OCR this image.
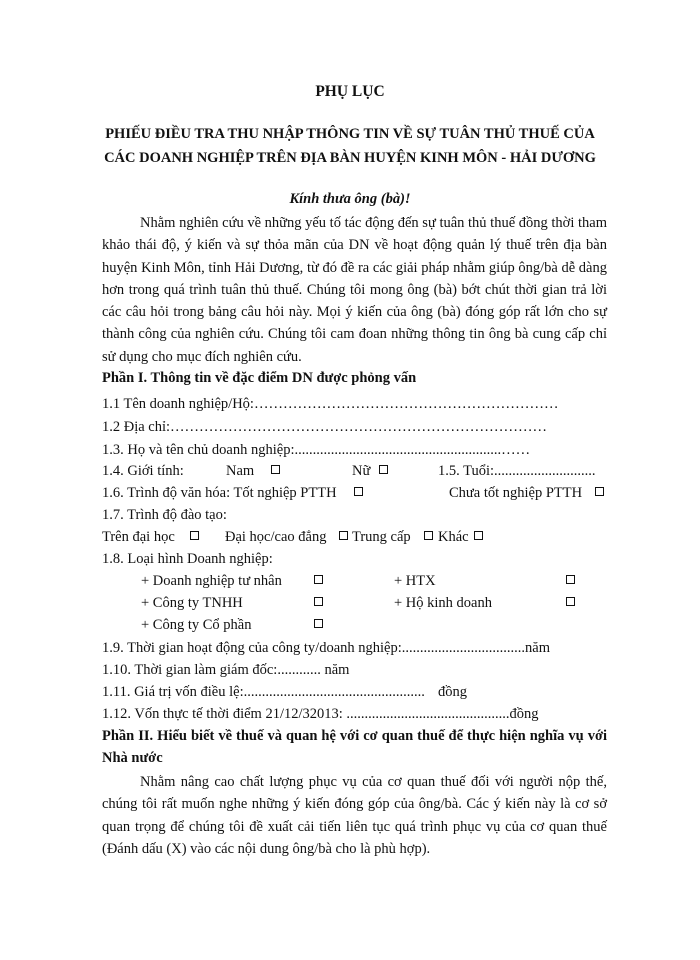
PHỤ LỤC
PHIẾU ĐIỀU TRA THU NHẬP THÔNG TIN VỀ SỰ TUÂN THỦ THUẾ CỦA
CÁC DOANH NGHIỆP TRÊN ĐỊA BÀN HUYỆN KINH MÔN - HẢI DƯƠNG
Kính thưa ông (bà)!

Nhằm nghiên cứu về những yếu tố tác động đến sự tuân thủ thuế đồng thời tham khảo thái độ, ý kiến và sự thỏa mãn của DN về hoạt động quản lý thuế trên địa bàn huyện Kinh Môn, tỉnh Hải Dương, từ đó đề ra các giải pháp nhằm giúp ông/bà dễ dàng hơn trong quá trình tuân thủ thuế. Chúng tôi mong ông (bà) bớt chút thời gian trả lời các câu hỏi trong bảng câu hỏi này. Mọi ý kiến của ông (bà) đóng góp rất lớn cho sự thành công của nghiên cứu. Chúng tôi cam đoan những thông tin ông bà cung cấp chỉ sử dụng cho mục đích nghiên cứu.

Phần I. Thông tin về đặc điểm DN được phỏng vấn
1.1 Tên doanh nghiệp/Hộ:………………………………………………………
1.2 Địa chỉ:……………………………………………………………………
1.3. Họ và tên chủ doanh nghiệp:.........................................................……
1.4. Giới tính:	Nam	Nữ	1.5. Tuổi:............................
1.6. Trình độ văn hóa: Tốt nghiệp PTTH	Chưa tốt nghiệp PTTH
1.7. Trình độ đào tạo:
Trên đại học	Đại học/cao đẳng Trung cấp Khác
1.8. Loại hình Doanh nghiệp:
+ Doanh nghiệp tư nhân	+ HTX
+ Công ty TNHH	+ Hộ kinh doanh
+ Công ty Cổ phần
1.9. Thời gian hoạt động của công ty/doanh nghiệp:..................................năm
1.10. Thời gian làm giám đốc:............ năm
1.11. Giá trị vốn điều lệ:.................................................. đồng
1.12. Vốn thực tế thời điểm 21/12/32013: .............................................đồng
Phần II. Hiểu biết về thuế và quan hệ với cơ quan thuế để thực hiện nghĩa vụ với Nhà nước

Nhằm nâng cao chất lượng phục vụ của cơ quan thuế đối với người nộp thế, chúng tôi rất muốn nghe những ý kiến đóng góp của ông/bà. Các ý kiến này là cơ sở quan trọng để chúng tôi đề xuất cải tiến liên tục quá trình phục vụ của cơ quan thuế (Đánh dấu (X) vào các nội dung ông/bà cho là phù hợp).
